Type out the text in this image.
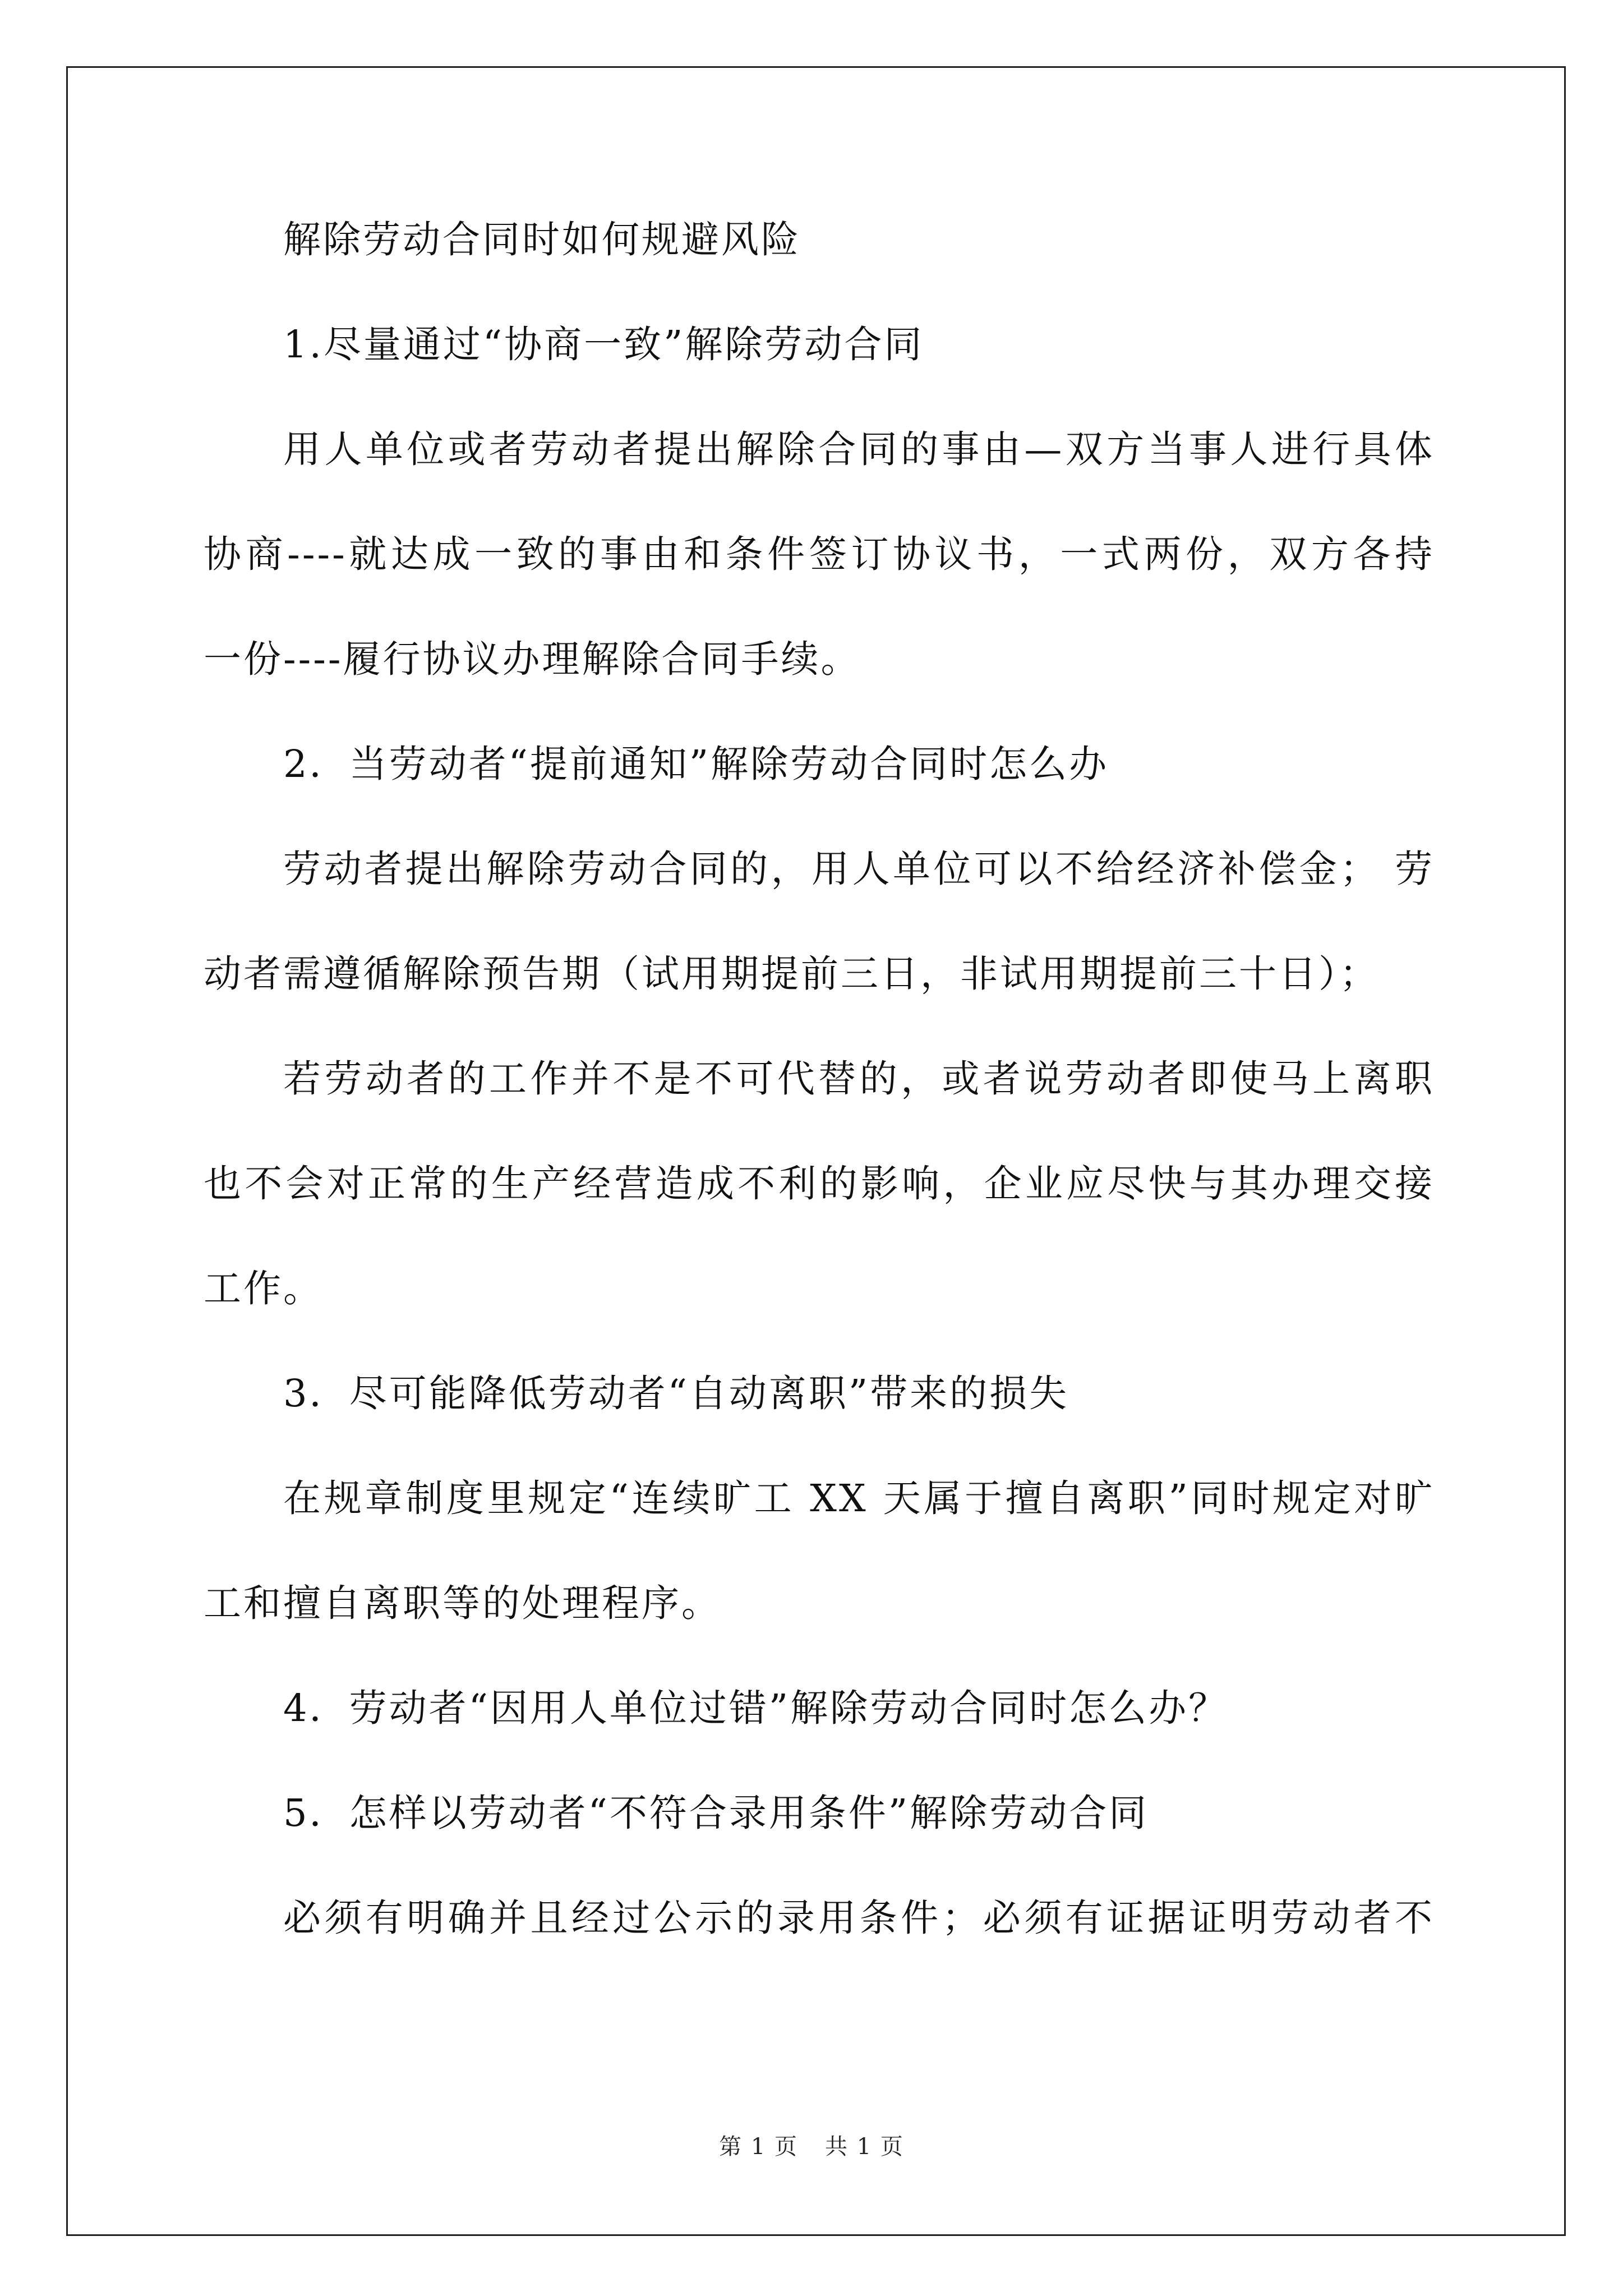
解除劳动合同时如何规避风险
1.尽量通过“协商一致”解除劳动合同
用人单位或者劳动者提出解除合同的事由—双方当事人进行具体
协商----就达成一致的事由和条件签订协议书，一式两份，双方各持
一份----履行协议办理解除合同手续。
2．当劳动者“提前通知”解除劳动合同时怎么办
劳动者提出解除劳动合同的，用人单位可以不给经济补偿金； 劳
动者需遵循解除预告期（试用期提前三日，非试用期提前三十日）；
若劳动者的工作并不是不可代替的，或者说劳动者即使马上离职
也不会对正常的生产经营造成不利的影响，企业应尽快与其办理交接
工作。
3．尽可能降低劳动者“自动离职”带来的损失
在规章制度里规定“连续旷工 XX 天属于擅自离职”同时规定对旷
工和擅自离职等的处理程序。
4．劳动者“因用人单位过错”解除劳动合同时怎么办？
5．怎样以劳动者“不符合录用条件”解除劳动合同
必须有明确并且经过公示的录用条件；必须有证据证明劳动者不
第 1 页 共 1 页
